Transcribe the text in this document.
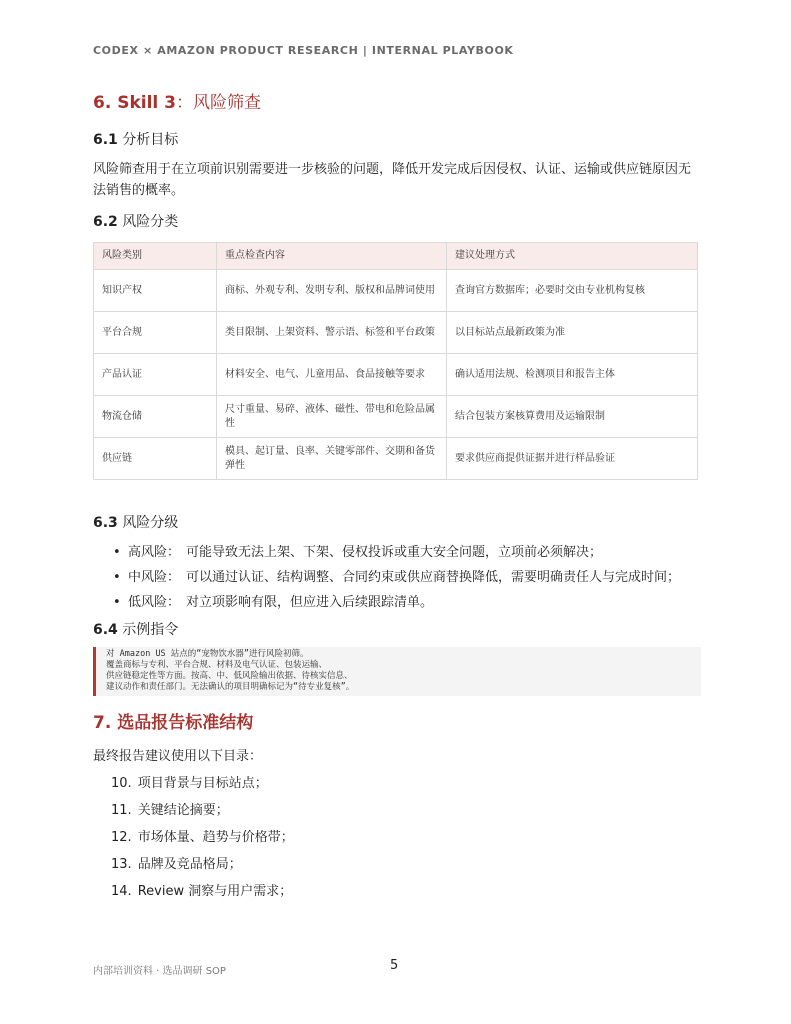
CODEX × AMAZON PRODUCT RESEARCH | INTERNAL PLAYBOOK
6. Skill 3：风险筛查
6.1 分析目标

风险筛查用于在立项前识别需要进一步核验的问题，降低开发完成后因侵权、认证、运输或供应链原因无法销售的概率。

6.2 风险分类
风险类别	重点检查内容	建议处理方式
知识产权	商标、外观专利、发明专利、版权和品牌词使用	查询官方数据库；必要时交由专业机构复核
平台合规	类目限制、上架资料、警示语、标签和平台政策	以目标站点最新政策为准
产品认证	材料安全、电气、儿童用品、食品接触等要求	确认适用法规、检测项目和报告主体
物流仓储	尺寸重量、易碎、液体、磁性、带电和危险品属性	结合包装方案核算费用及运输限制
供应链	模具、起订量、良率、关键零部件、交期和备货弹性	要求供应商提供证据并进行样品验证
6.3 风险分级
• 高风险： 可能导致无法上架、下架、侵权投诉或重大安全问题，立项前必须解决；
• 中风险： 可以通过认证、结构调整、合同约束或供应商替换降低，需要明确责任人与完成时间；
• 低风险： 对立项影响有限，但应进入后续跟踪清单。
6.4 示例指令
对 Amazon US 站点的“宠物饮水器”进行风险初筛。
覆盖商标与专利、平台合规、材料及电气认证、包装运输、
供应链稳定性等方面。按高、中、低风险输出依据、待核实信息、
建议动作和责任部门。无法确认的项目明确标记为“待专业复核”。
7. 选品报告标准结构

最终报告建议使用以下目录：

10. 项目背景与目标站点；
11. 关键结论摘要；
12. 市场体量、趋势与价格带；
13. 品牌及竞品格局；
14. Review 洞察与用户需求；
内部培训资料 · 选品调研 SOP	5
